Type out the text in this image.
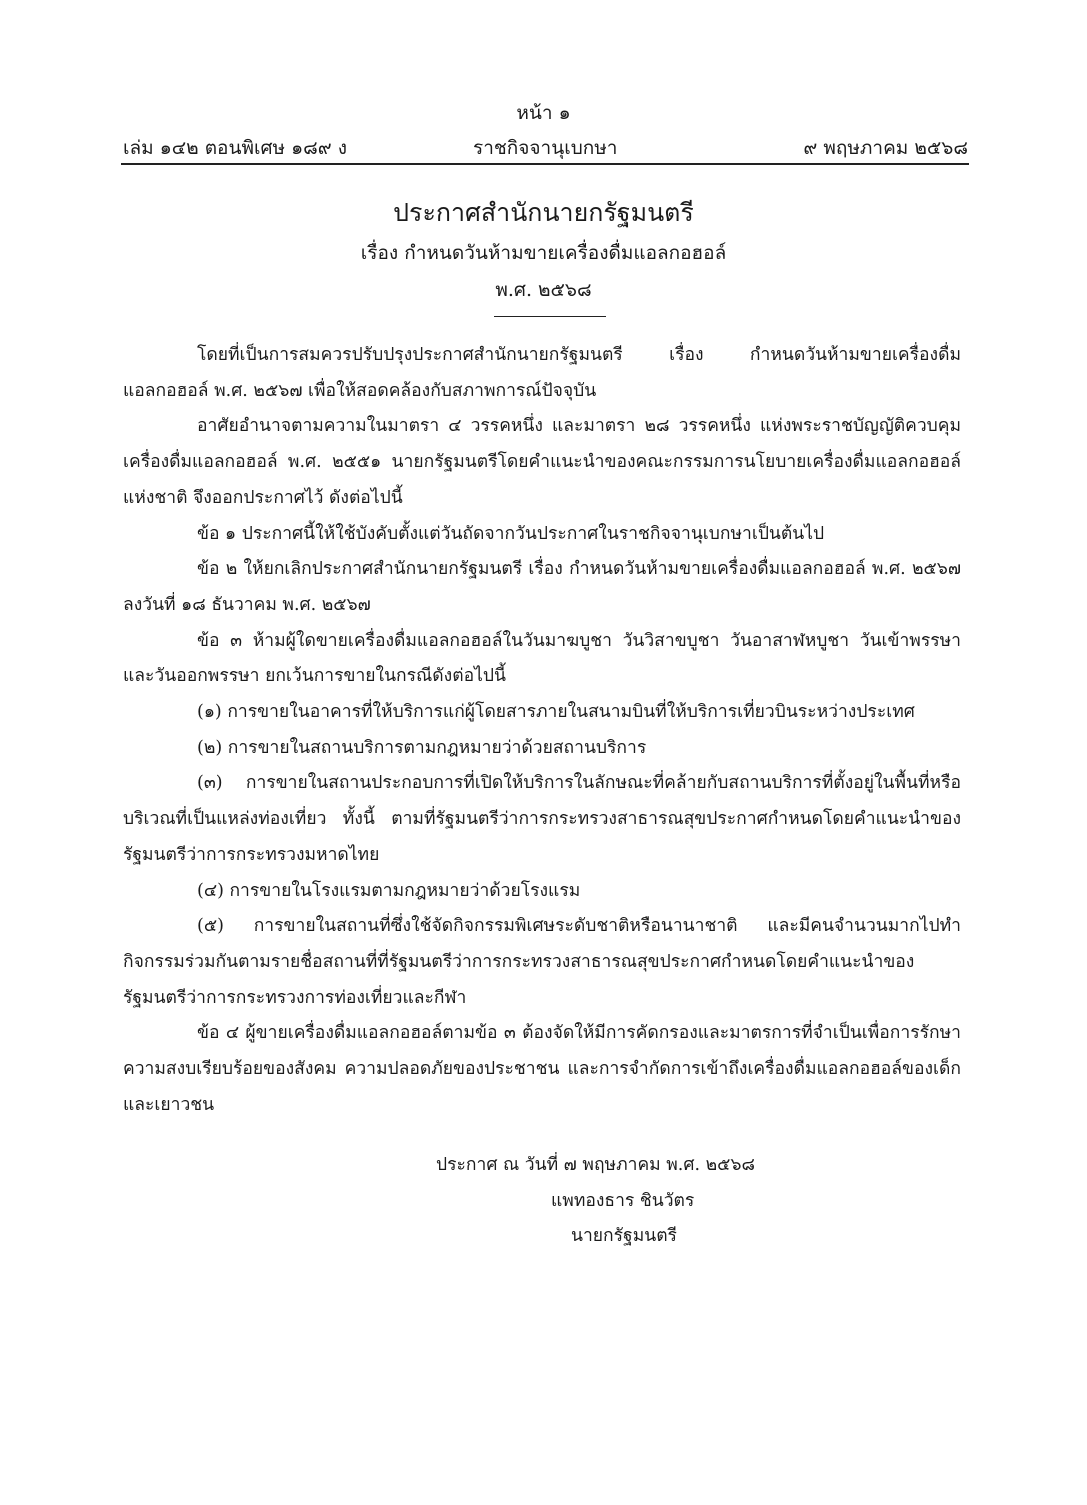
หน้า ๑
เล่ม ๑๔๒ ตอนพิเศษ ๑๘๙ ง	ราชกิจจานุเบกษา	๙ พฤษภาคม ๒๕๖๘
ประกาศสำนักนายกรัฐมนตรี
เรื่อง กำหนดวันห้ามขายเครื่องดื่มแอลกอฮอล์
พ.ศ. ๒๕๖๘

โดยที่เป็นการสมควรปรับปรุงประกาศสำนักนายกรัฐมนตรี เรื่อง กำหนดวันห้ามขายเครื่องดื่มแอลกอฮอล์ พ.ศ. ๒๕๖๗ เพื่อให้สอดคล้องกับสภาพการณ์ปัจจุบัน

อาศัยอำนาจตามความในมาตรา ๔ วรรคหนึ่ง และมาตรา ๒๘ วรรคหนึ่ง แห่งพระราชบัญญัติควบคุมเครื่องดื่มแอลกอฮอล์ พ.ศ. ๒๕๕๑ นายกรัฐมนตรีโดยคำแนะนำของคณะกรรมการนโยบายเครื่องดื่มแอลกอฮอล์แห่งชาติ จึงออกประกาศไว้ ดังต่อไปนี้

ข้อ ๑ ประกาศนี้ให้ใช้บังคับตั้งแต่วันถัดจากวันประกาศในราชกิจจานุเบกษาเป็นต้นไป

ข้อ ๒ ให้ยกเลิกประกาศสำนักนายกรัฐมนตรี เรื่อง กำหนดวันห้ามขายเครื่องดื่มแอลกอฮอล์ พ.ศ. ๒๕๖๗ ลงวันที่ ๑๘ ธันวาคม พ.ศ. ๒๕๖๗

ข้อ ๓ ห้ามผู้ใดขายเครื่องดื่มแอลกอฮอล์ในวันมาฆบูชา วันวิสาขบูชา วันอาสาฬหบูชา วันเข้าพรรษา และวันออกพรรษา ยกเว้นการขายในกรณีดังต่อไปนี้

(๑) การขายในอาคารที่ให้บริการแก่ผู้โดยสารภายในสนามบินที่ให้บริการเที่ยวบินระหว่างประเทศ

(๒) การขายในสถานบริการตามกฎหมายว่าด้วยสถานบริการ

(๓) การขายในสถานประกอบการที่เปิดให้บริการในลักษณะที่คล้ายกับสถานบริการที่ตั้งอยู่ในพื้นที่หรือบริเวณที่เป็นแหล่งท่องเที่ยว ทั้งนี้ ตามที่รัฐมนตรีว่าการกระทรวงสาธารณสุขประกาศกำหนดโดยคำแนะนำของรัฐมนตรีว่าการกระทรวงมหาดไทย

(๔) การขายในโรงแรมตามกฎหมายว่าด้วยโรงแรม

(๕) การขายในสถานที่ซึ่งใช้จัดกิจกรรมพิเศษระดับชาติหรือนานาชาติ และมีคนจำนวนมากไปทำกิจกรรมร่วมกันตามรายชื่อสถานที่ที่รัฐมนตรีว่าการกระทรวงสาธารณสุขประกาศกำหนดโดยคำแนะนำของรัฐมนตรีว่าการกระทรวงการท่องเที่ยวและกีฬา

ข้อ ๔ ผู้ขายเครื่องดื่มแอลกอฮอล์ตามข้อ ๓ ต้องจัดให้มีการคัดกรองและมาตรการที่จำเป็นเพื่อการรักษาความสงบเรียบร้อยของสังคม ความปลอดภัยของประชาชน และการจำกัดการเข้าถึงเครื่องดื่มแอลกอฮอล์ของเด็กและเยาวชน

ประกาศ ณ วันที่ ๗ พฤษภาคม พ.ศ. ๒๕๖๘
แพทองธาร ชินวัตร
นายกรัฐมนตรี
